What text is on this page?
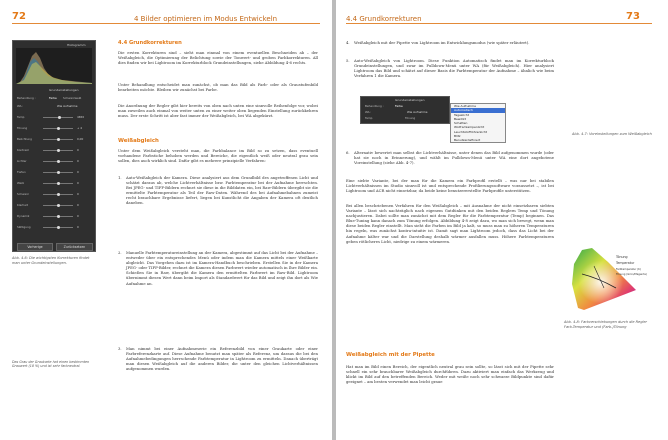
72	4 Bilder optimieren im Modus Entwickeln
Histogramm
Grundeinstellungen
Behandlung :	Farbe Schwarzweiß
WA :	Wie Aufnahme
Temp	4650
Tönung	+ 4
Belichtung	0,00
Kontrast	0
Lichter	0
Tiefen	0
Weiß	0
Schwarz	0
Klarheit	0
Dynamik	0
Sättigung	0
Vorherige	Zurücksetzen
Abb. 4-6: Die wichtigsten Korrekturen findet man unter Grundeinstellungen.
Das Grau der Graukarte hat einen bestimmten Grauwert (18 %) und ist sehr farbneutral.
4.4 Grundkorrekturen
Die ersten Korrekturen sind – sieht man einmal von einem eventuellen Beschneiden ab – der Weißabgleich, die Optimierung der Belichtung sowie der Tonwert- und groben Farbkorrekturen. All dies finden wir bei Lightroom im Korrekturblock Grundeinstellungen, siehe Abbildung 4-6 rechts.
Unter Behandlung entscheidet man zunächst, ob man das Bild als Farb- oder als Graustufenbild bearbeiten möchte. Bleiben wir zunächst bei Farbe.
Die Anordnung der Regler gibt hier bereits von oben nach unten eine sinnvolle Reihenfolge vor, wobei man zuweilen auch einmal von weiter unten zu einer weiter oben liegenden Einstellung zurückkehren muss. Der erste Schritt ist aber fast immer der Weißabgleich, bei WA abgekürzt.
Weißabgleich
Unter dem Weißabgleich versteht man, die Farbbalance im Bild so zu setzen, dass eventuell vorhandene Farbstiche behoben werden und Bereiche, die eigentlich weiß oder neutral grau sein sollen, dies auch wirklich sind. Dafür gibt es mehrere prinzipielle Verfahren:
1. Auto-Weißabgleich der Kamera. Diese analysiert aus dem Grundbild des angetroffenen Licht und schätzt daraus ab, welche Lichtverhältnisse bzw. Farbtemperatur bei der Aufnahme herrschten. Bei JPEG- und TIFF-Bildern rechnet sie diese in die Bilddaten ein, bei Raw-Bildern übergibt sie die ermittelte Farbtemperatur als Teil der Raw-Daten. Während des bei Aufnahmebahnen zumeist recht brauchbare Ergebnisse liefert, liegen bei Kunstlicht die Angaben der Kamera oft deutlich daneben.
2. Manuelle Farbtemperatureinstellung an der Kamera, abgestimmt auf das Licht bei der Aufnahme – entweder über ein entsprechendes Menü oder indem man die Kamera mittels einer Weißkarte abgleicht. Das Vorgehen dazu ist im Kamera-Handbuch beschrieben. Erstellen Sie in der Kamera JPEG- oder TIFF-Bilder, rechnet die Kamera diesen Farbwert wieder automatisch in Ihre Bilder ein. Schießen Sie in Raw, übergibt die Kamera den ermittelten Farbwert im Raw-Bild. Lightroom übernimmt diesen Wert dann beim Import als Standardwert für das Bild und zeigt ihn dort als Wie Aufnahme an.
3. Man nimmt bei einer Aufnahmeserie ein Referenzbild von einer Graukarte oder einer Farbreferenzkarte auf. Diese Aufnahme benutzt man später als Referenz, um daraus die bei den Aufnahmebedingungen herrschende Farbtemperatur in Lightroom zu ermitteln. Danach überträgt man diesen Weißabgleich auf die anderen Bilder, die unter den gleichen Lichtverhältnissen aufgenommen wurden.
4.4 Grundkorrekturen	73
4. Weißabgleich mit der Pipette von Lightroom im Entwicklungsmodus (wie später erläutert).
5. Auto-Weißabgleich von Lightroom. Diese Funktion Automatisch findet man im Korrekturblock Grundeinstellungen, und zwar im Pulldown-Menü unter WA (für Weißabgleich). Hier analysiert Lightroom das Bild und schätzt auf dieser Basis die Farbtemperatur der Aufnahme – ähnlich wie beim Verfahren 1 die Kamera.
Grundeinstellungen
Behandlung :	Farbe
WA :	Wie Aufnahme
Temp	Tönung
Wie Aufnahme
Automatisch
Tageslicht
Bewölkt
Schatten
Wolframlampenlicht
Leuchtstoffröhrenlicht
Blitz
Benutzerdefiniert
Abb. 4-7: Voreinstellungen zum Weißabgleich
6. Alternativ bewertet man selbst die Lichtverhältnisse, unter denen das Bild aufgenommen wurde (oder hat sie noch in Erinnerung), und wählt im Pulldown-Menü unter WA eine dort angebotene Voreinstellung (siehe Abb. 4-7).
Eine siebte Variante, bei der man für die Kamera ein Farbprofil erstellt – was nur bei stabilen Lichtverhältnissen im Studio sinnvoll ist und entsprechende Profilierungssoftware voraussetzt –, ist bei Lightroom und ACR nicht einsetzbar, da beide keine benutzererstellte Farbprofile unterstützen.
Bei allen beschriebenen Verfahren für den Weißabgleich – mit Ausnahme der nicht einsetzbaren siebten Variante – lässt sich nachträglich nach eigenem Gutdünken mit den beiden Reglern Temp und Tönung nachjustieren. Dabei sollte man zunächst mit dem Regler für die Farbtemperatur (Temp) beginnen. Das Blue-Tuning kann danach zum Tönung erfolgen. Abbildung 4-8 zeigt dazu, wo man sich bewegt, wenn man diese beiden Regler einstellt. Man sieht die Farben im Bild ja kalt, so muss man zu höheren Temperaturen hin regeln, was zunächst kontra-intuitiv ist. Damit sagt man Lightroom jedoch, dass das Licht bei der Aufnahme kälter war und die Darstellung deshalb wärmer ausfallen muss. Höhere Farbtemperaturen geben rötlicheres Licht, niedrige zu einem wärmeren.
Tönung
Temperatur
Farbtemperatur (K)
Tönung (Grün/Magenta)
Abb. 4-8: Farbverschiebungen durch die Regler Farb-Temperatur und (Farb-)Tönung
Weißabgleich mit der Pipette
Hat man im Bild einen Bereich, der eigentlich neutral grau sein sollte, so lässt sich mit der Pipette sehr schnell ein sehr brauchbarer Weißabgleich durchführen. Dazu aktiviert man einfach das Werkzeug und klickt im Bild auf den betreffenden Bereich. Weder mit weiße noch sehr schwarze Bildpunkte sind dafür geeignet – am besten verwendet man leicht graue
